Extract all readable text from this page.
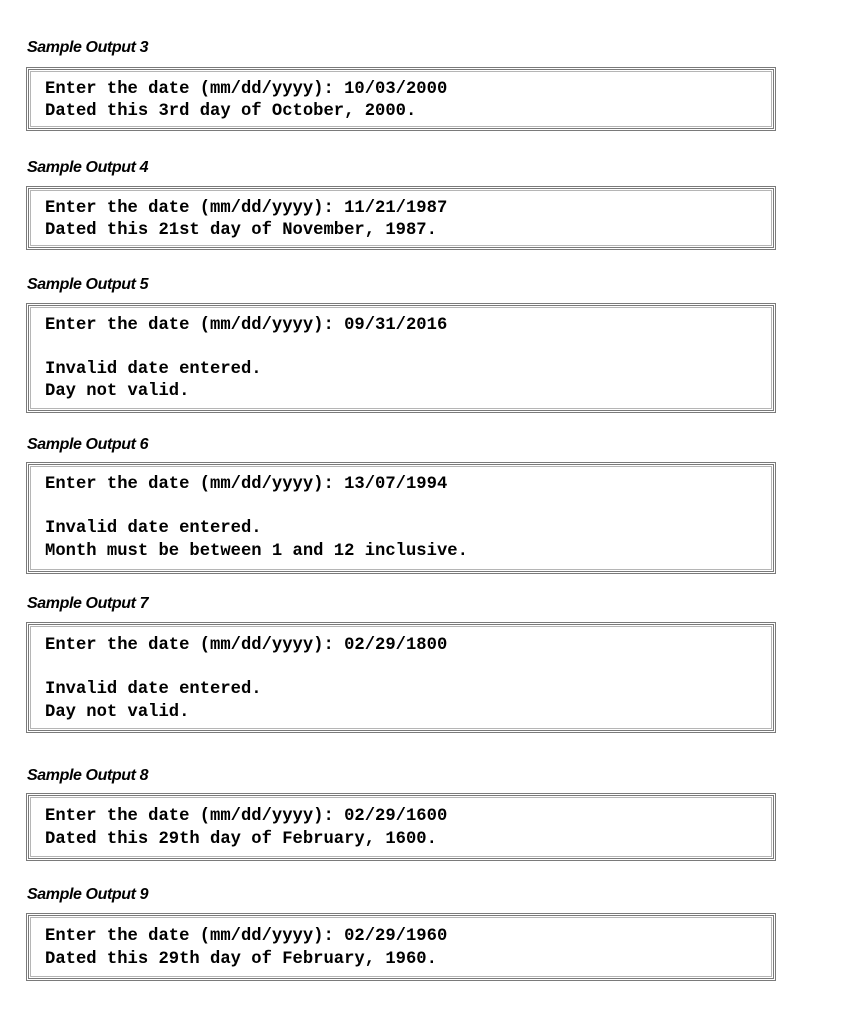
Sample Output 3
Enter the date (mm/dd/yyyy): 10/03/2000
Dated this 3rd day of October, 2000.
Sample Output 4
Enter the date (mm/dd/yyyy): 11/21/1987
Dated this 21st day of November, 1987.
Sample Output 5
Enter the date (mm/dd/yyyy): 09/31/2016
Invalid date entered.
Day not valid.
Sample Output 6
Enter the date (mm/dd/yyyy): 13/07/1994
Invalid date entered.
Month must be between 1 and 12 inclusive.
Sample Output 7
Enter the date (mm/dd/yyyy): 02/29/1800
Invalid date entered.
Day not valid.
Sample Output 8
Enter the date (mm/dd/yyyy): 02/29/1600
Dated this 29th day of February, 1600.
Sample Output 9
Enter the date (mm/dd/yyyy): 02/29/1960
Dated this 29th day of February, 1960.
